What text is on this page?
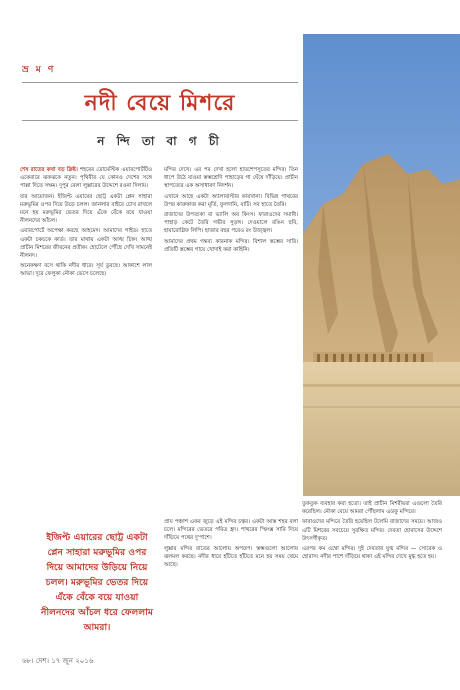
ভ্র ম ণ
নদী বেয়ে মিশরে
ন ন্দি তা বা গ চী

শেষ রাতের কথা বড় ক্লিষ্ট। শহরের ডোমেস্টিক এয়ারপোর্টটিও একেবারে ঝকঝকে নতুন। পৃথিবীর যে কোনও দেশের সঙ্গে পাল্লা দিতে সক্ষম। দুপুর বেলা লুক্সারের উদ্দেশে রওনা দিলাম।

যার আয়োজন। ইজিপ্ট এয়ারের ছোট্ট একটা প্লেন সাহারা মরুভূমির ওপর দিয়ে উড়ে চলল। জানলার বাইরে চোখ রাখলে মনে হয় মরুভূমির ভেতর দিয়ে এঁকে বেঁকে বয়ে যাওয়া নীলনদের আঁচল।

এয়ারপোর্টে অপেক্ষা করছে আহমেদ। আমাদের গাইড। হাতে একটা চকচকে কার্ড। তার মাথায় একটা আঙ্খ চিহ্ন। আঙ্খ প্রাচীন মিশরের জীবনের প্রতীক। হোটেলে পৌঁছে দেখি সামনেই নীলনদ।

অনেকক্ষণ বসে থাকি নদীর ধারে। সূর্য ডুবছে। আকাশে লাল আভা। দূরে ফেলুকা নৌকা ভেসে চলেছে।

মন্দির দেখে। এর পর দেখা হলো হাতশেপসুতের মন্দির। তিন ধাপে উঠে যাওয়া স্তম্ভশ্রেণি পাহাড়ের গা ঘেঁষে দাঁড়িয়ে। প্রাচীন স্থাপত্যের এক অসাধারণ নিদর্শন।

এখানে আছে একটা অ্যালাবাস্টার কারখানা। বিভিন্ন পাথরের উপর কারুকাজ করা মূর্তি, ফুলদানি, বাটি। সব হাতে তৈরি।

রাজাদের উপত্যকা বা ভ্যালি অব কিংস। ফারাওদের সমাধি। পাহাড় কেটে তৈরি গভীর সুড়ঙ্গ। দেওয়ালে রঙিন ছবি, হায়ারোগ্লিফ লিপি। হাজার বছর পরেও রং উজ্জ্বল।

আমাদের প্রথম গন্তব্য কারনাক মন্দির। বিশাল স্তম্ভের সারি। প্রতিটি স্তম্ভের গায়ে খোদাই করা কাহিনি।

ইজিপ্ট এয়ারের ছোট্ট একটা প্লেন সাহারা মরুভূমির ওপর দিয়ে আমাদের উড়িয়ে নিয়ে চলল। মরুভূমির ভেতর দিয়ে এঁকে বেঁকে বয়ে যাওয়া নীলনদের আঁচল ধরে ফেললাম আমরা।

প্রায় পঞ্চাশ একর জুড়ে এই মন্দির চত্বর। একটা আস্ত শহর বলা চলে। মন্দিরের ভেতরে পবিত্র হ্রদ। পাথরের স্ফিংক্স সারি দিয়ে দাঁড়িয়ে পথের দু'পাশে।

লুক্সার মন্দির রাতের আলোয় অপরূপ। স্তম্ভগুলো আলোয় ঝলমল করছে। নদীর ধারে হাঁটতে হাঁটতে মনে হয় সময় থেমে আছে।

তুকতুক ব্যবহার করা হতো। তাই প্রাচীন মিশরীয়রা এগুলো তৈরি করেছিল। নৌকা বেয়ে আমরা পৌঁছলাম এডফু মন্দিরে।

ফারাওদের মন্দিরে তৈরি হয়েছিল টলেমি রাজাদের সময়ে। আজও এটি মিশরের সবচেয়ে সুরক্ষিত মন্দির। দেবতা হোরাসের উদ্দেশে উৎসর্গীকৃত।

এরপর কম ওম্বো মন্দির। দুই দেবতার যুগ্ম মন্দির — সোবেক ও হোরাস। নদীর পাশে দাঁড়িয়ে থাকা এই মন্দির দেখে মুগ্ধ হতে হয়।

৬৮। দেশ। ১৭ জুন ২০১৬
